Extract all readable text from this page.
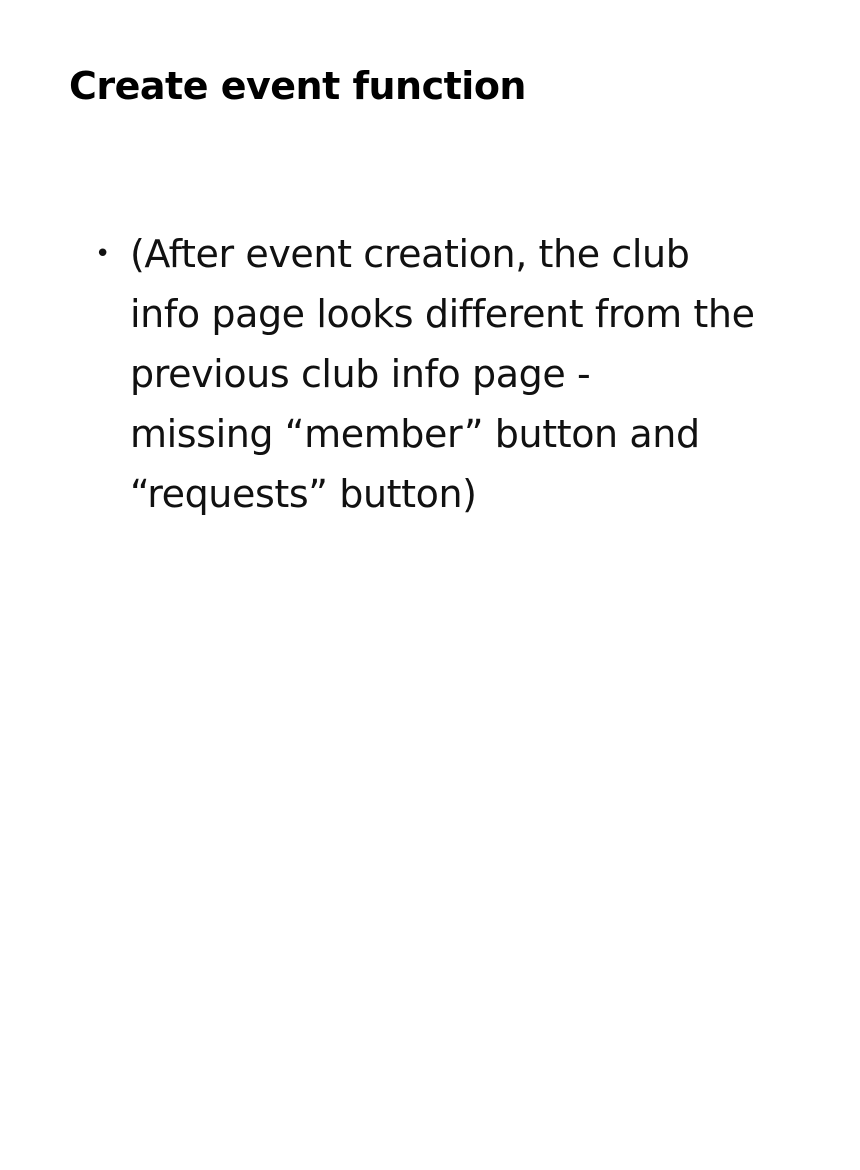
Create event function
• (After event creation, the club
info page looks different from the
previous club info page -
missing “member” button and
“requests” button)
